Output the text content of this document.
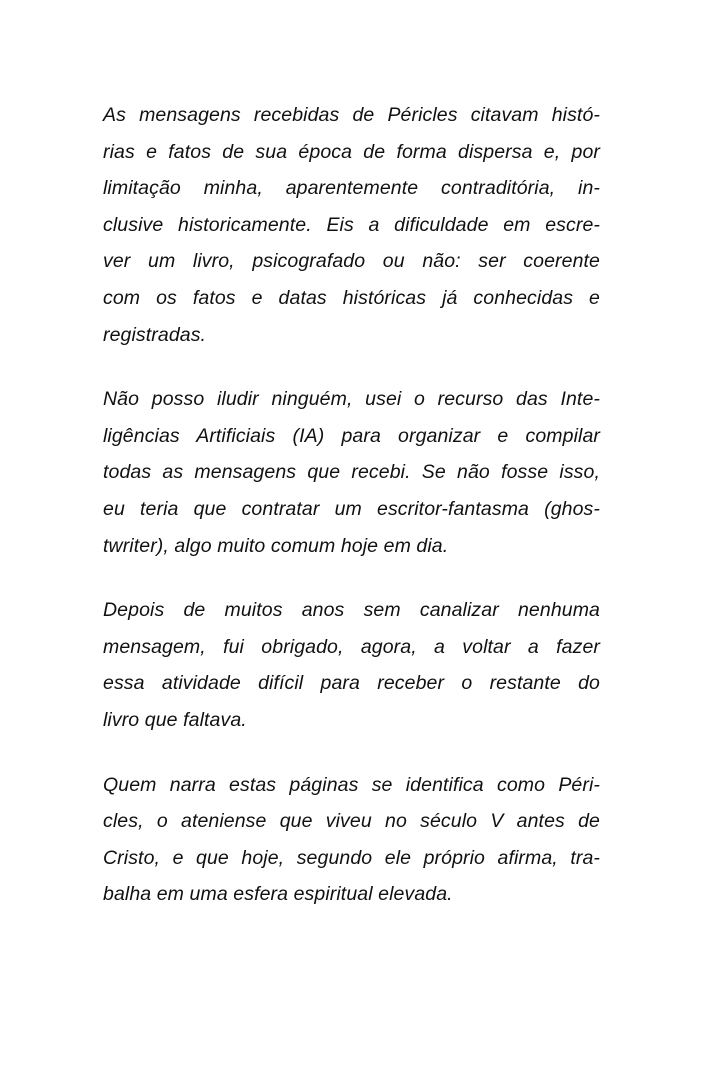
As mensagens recebidas de Péricles citavam histó-
rias e fatos de sua época de forma dispersa e, por
limitação minha, aparentemente contraditória, in-
clusive historicamente. Eis a dificuldade em escre-
ver um livro, psicografado ou não: ser coerente
com os fatos e datas históricas já conhecidas e
registradas.

Não posso iludir ninguém, usei o recurso das Inte-
ligências Artificiais (IA) para organizar e compilar
todas as mensagens que recebi. Se não fosse isso,
eu teria que contratar um escritor-fantasma (ghos-
twriter), algo muito comum hoje em dia.

Depois de muitos anos sem canalizar nenhuma
mensagem, fui obrigado, agora, a voltar a fazer
essa atividade difícil para receber o restante do
livro que faltava.

Quem narra estas páginas se identifica como Péri-
cles, o ateniense que viveu no século V antes de
Cristo, e que hoje, segundo ele próprio afirma, tra-
balha em uma esfera espiritual elevada.
